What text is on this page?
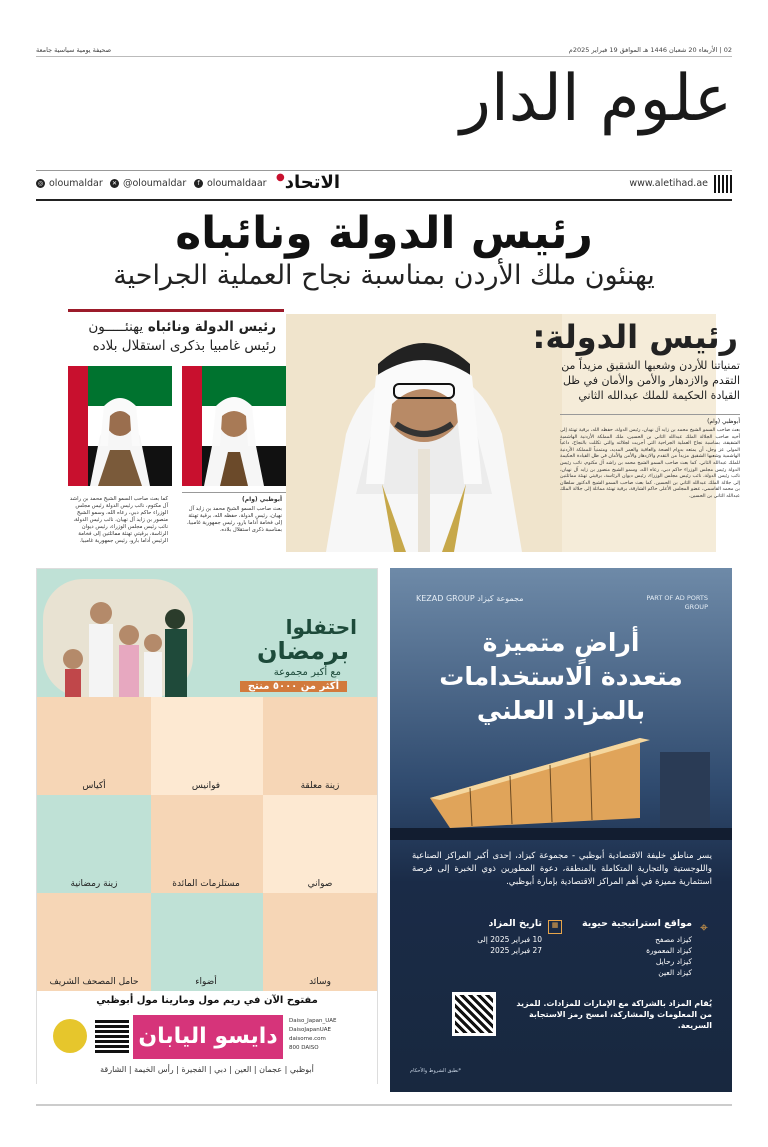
صحيفة يومية سياسية جامعة	02 | الأربعاء 20 شعبان 1446 هـ الموافق 19 فبراير 2025م
علوم الدار
◎ oloumaldar	✕ @oloumaldar	f oloumaldaar	الاتحاد●
www.aletihad.ae
رئيس الدولة ونائباه
يهنئون ملك الأردن بمناسبة نجاح العملية الجراحية
رئيس الدولة ونائباه يهنئـــــون
رئيس غامبيا بذكرى استقلال بلاده
أبوظبي (وام)
بعث صاحب السمو الشيخ محمد بن زايد آل نهيان، رئيس الدولة، حفظه الله، برقية تهنئة إلى فخامة أداما بارو، رئيس جمهورية غامبيا، بمناسبة ذكرى استقلال بلاده.
كما بعث صاحب السمو الشيخ محمد بن راشد آل مكتوم، نائب رئيس الدولة رئيس مجلس الوزراء حاكم دبي، رعاه الله، وسمو الشيخ منصور بن زايد آل نهيان، نائب رئيس الدولة، نائب رئيس مجلس الوزراء، رئيس ديوان الرئاسة، برقيتي تهنئة مماثلتين إلى فخامة الرئيس أداما بارو، رئيس جمهورية غامبيا.
رئيس الدولة:
تمنياتنا للأردن وشعبها الشقيق مزيداً من التقدم والازدهار والأمن والأمان في ظل القيادة الحكيمة للملك عبدالله الثاني
أبوظبي (وام)
بعث صاحب السمو الشيخ محمد بن زايد آل نهيان، رئيس الدولة، حفظه الله، برقية تهنئة إلى أخيه صاحب الجلالة الملك عبدالله الثاني بن الحسين، ملك المملكة الأردنية الهاشمية الشقيقة، بمناسبة نجاح العملية الجراحية التي أجريت لجلالته والتي تكللت بالنجاح، داعياً المولى عز وجل، أن يمتعه بدوام الصحة والعافية والعمر المديد، ومتمنياً للمملكة الأردنية الهاشمية وشعبها الشقيق مزيداً من التقدم والازدهار والأمن والأمان في ظل القيادة الحكيمة للملك عبدالله الثاني. كما بعث صاحب السمو الشيخ محمد بن راشد آل مكتوم، نائب رئيس الدولة رئيس مجلس الوزراء حاكم دبي، رعاه الله، وسمو الشيخ منصور بن زايد آل نهيان، نائب رئيس الدولة، نائب رئيس مجلس الوزراء، رئيس ديوان الرئاسة، برقيتي تهنئة مماثلتين إلى جلالة الملك عبدالله الثاني بن الحسين. كما بعث صاحب السمو الشيخ الدكتور سلطان بن محمد القاسمي، عضو المجلس الأعلى حاكم الشارقة، برقية تهنئة مماثلة إلى جلالة الملك عبدالله الثاني بن الحسين.
احتفلوا
برمضان
مع أكبر مجموعة
أكثر من ٥٠٠٠ منتج
زينة معلقة
فوانيس
أكياس
صواني
مستلزمات المائدة
زينة رمضانية
وسائد
أضواء
حامل المصحف الشريف
مفتوح الآن في ريم مول ومارينا مول أبوظبي
دايسو اليابان
Daiso_Japan_UAE
DaisoJapanUAE
daisome.com
800 DAISO
أبوظبي | عجمان | العين | دبي | الفجيرة | رأس الخيمة | الشارقة
مجموعة كيزاد KEZAD GROUP	PART OF AD PORTS GROUP
أراضٍ متميزة
متعددة الاستخدامات
بالمزاد العلني
يسر مناطق خليفة الاقتصادية أبوظبي - مجموعة كيزاد، إحدى أكبر المراكز الصناعية واللوجستية والتجارية المتكاملة بالمنطقة، دعوة المطورين ذوي الخبرة إلى فرصة استثمارية مميزة في أهم المراكز الاقتصادية بإمارة أبوظبي.
مواقع استراتيجية حيوية ⌖
كيزاد مصفح
كيزاد المعمورة
كيزاد رحايل
كيزاد العين
تاريخ المزاد	▦
10 فبراير 2025 إلى
27 فبراير 2025
يُقام المزاد بالشراكة مع الإمارات للمزادات. للمزيد من المعلومات والمشاركة، امسح رمز الاستجابة السريعة.
*تطبق الشروط والأحكام
